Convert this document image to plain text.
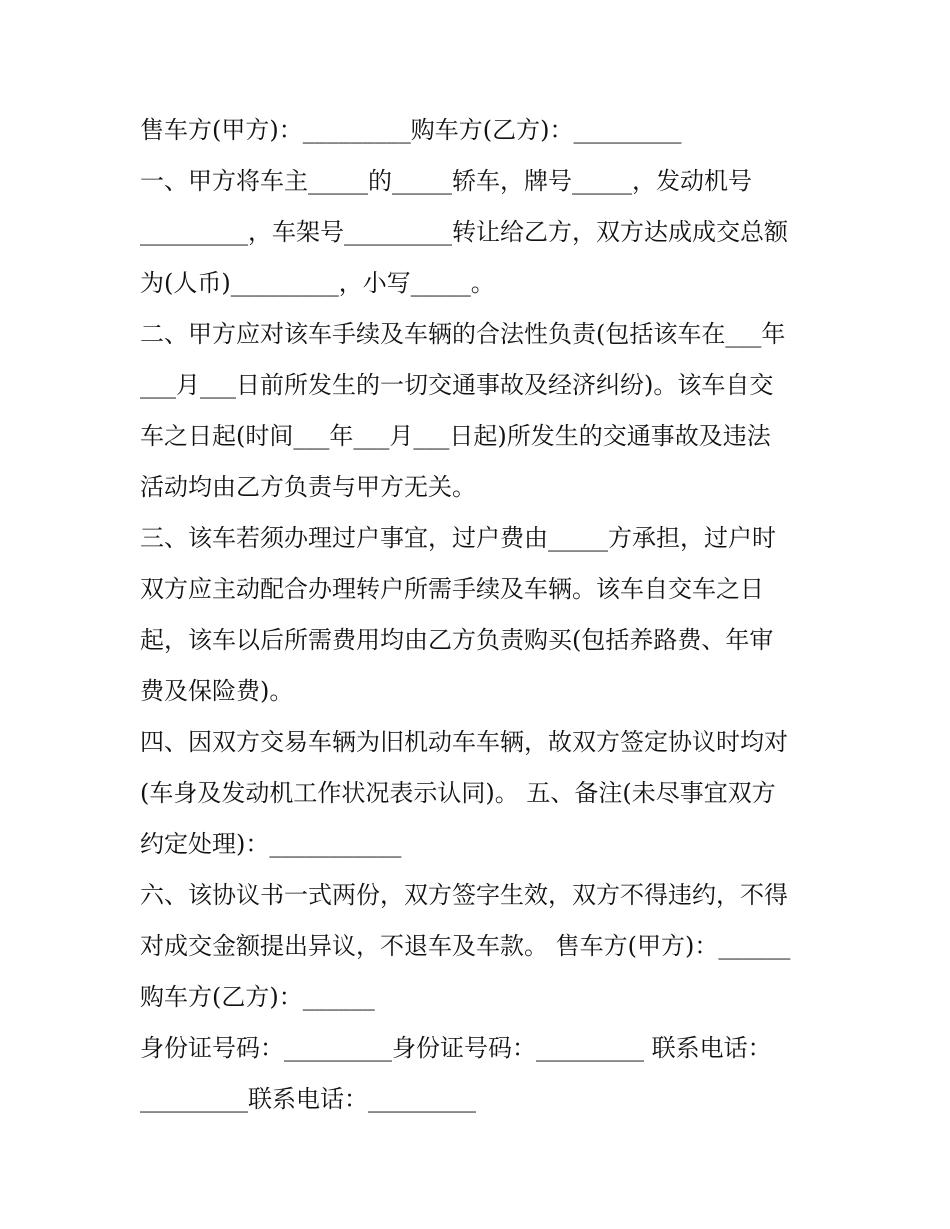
售车方(甲方)：_________购车方(乙方)：_________
一、甲方将车主_____的_____轿车，牌号_____，发动机号
_________，车架号_________转让给乙方，双方达成成交总额
为(人币)_________，小写_____。
二、甲方应对该车手续及车辆的合法性负责(包括该车在___年
___月___日前所发生的一切交通事故及经济纠纷)。该车自交
车之日起(时间___年___月___日起)所发生的交通事故及违法
活动均由乙方负责与甲方无关。
三、该车若须办理过户事宜，过户费由_____方承担，过户时
双方应主动配合办理转户所需手续及车辆。该车自交车之日
起，该车以后所需费用均由乙方负责购买(包括养路费、年审
费及保险费)。
四、因双方交易车辆为旧机动车车辆，故双方签定协议时均对
(车身及发动机工作状况表示认同)。 五、备注(未尽事宜双方
约定处理)：___________
六、该协议书一式两份，双方签字生效，双方不得违约，不得
对成交金额提出异议，不退车及车款。 售车方(甲方)：______
购车方(乙方)：______
身份证号码：_________身份证号码：_________ 联系电话：
_________联系电话：_________
